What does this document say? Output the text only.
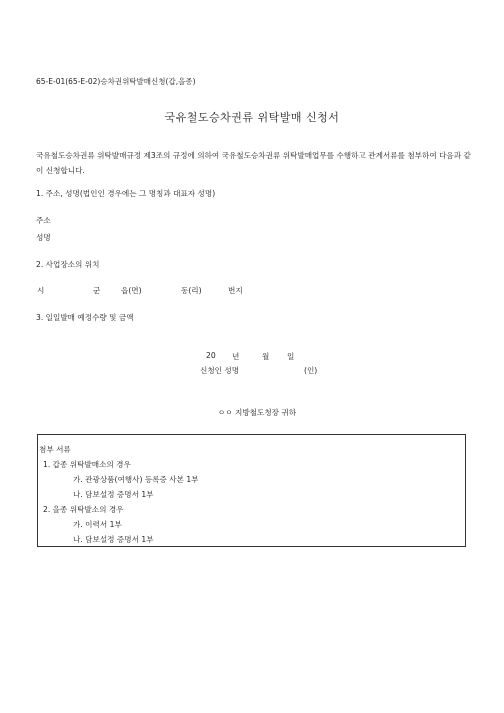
65-E-01(65-E-02)승차권위탁발매신청(갑,을종)
국유철도승차권류 위탁발매 신청서
국유철도승차권류 위탁발매규정 제3조의 규정에 의하여 국유철도승차권류 위탁발매업무를 수행하고 관계서류를 첨부하여 다음과 같이 신청합니다.
1. 주소, 성명(법인인 경우에는 그 명칭과 대표자 성명)
주소
성명
2. 사업장소의 위치
시	군	읍(면)	동(리)	번지
3. 일일발매 예정수량 및 금액
20 년	월 일
신청인 성명	(인)
ㅇㅇ 지방철도청장 귀하
첨부 서류
1. 갑종 위탁발매소의 경우
가. 관광상품(여행사) 등록증 사본 1부
나. 담보설정 증명서 1부
2. 을종 위탁발소의 경우
가. 이력서 1부
나. 담보설정 증명서 1부
